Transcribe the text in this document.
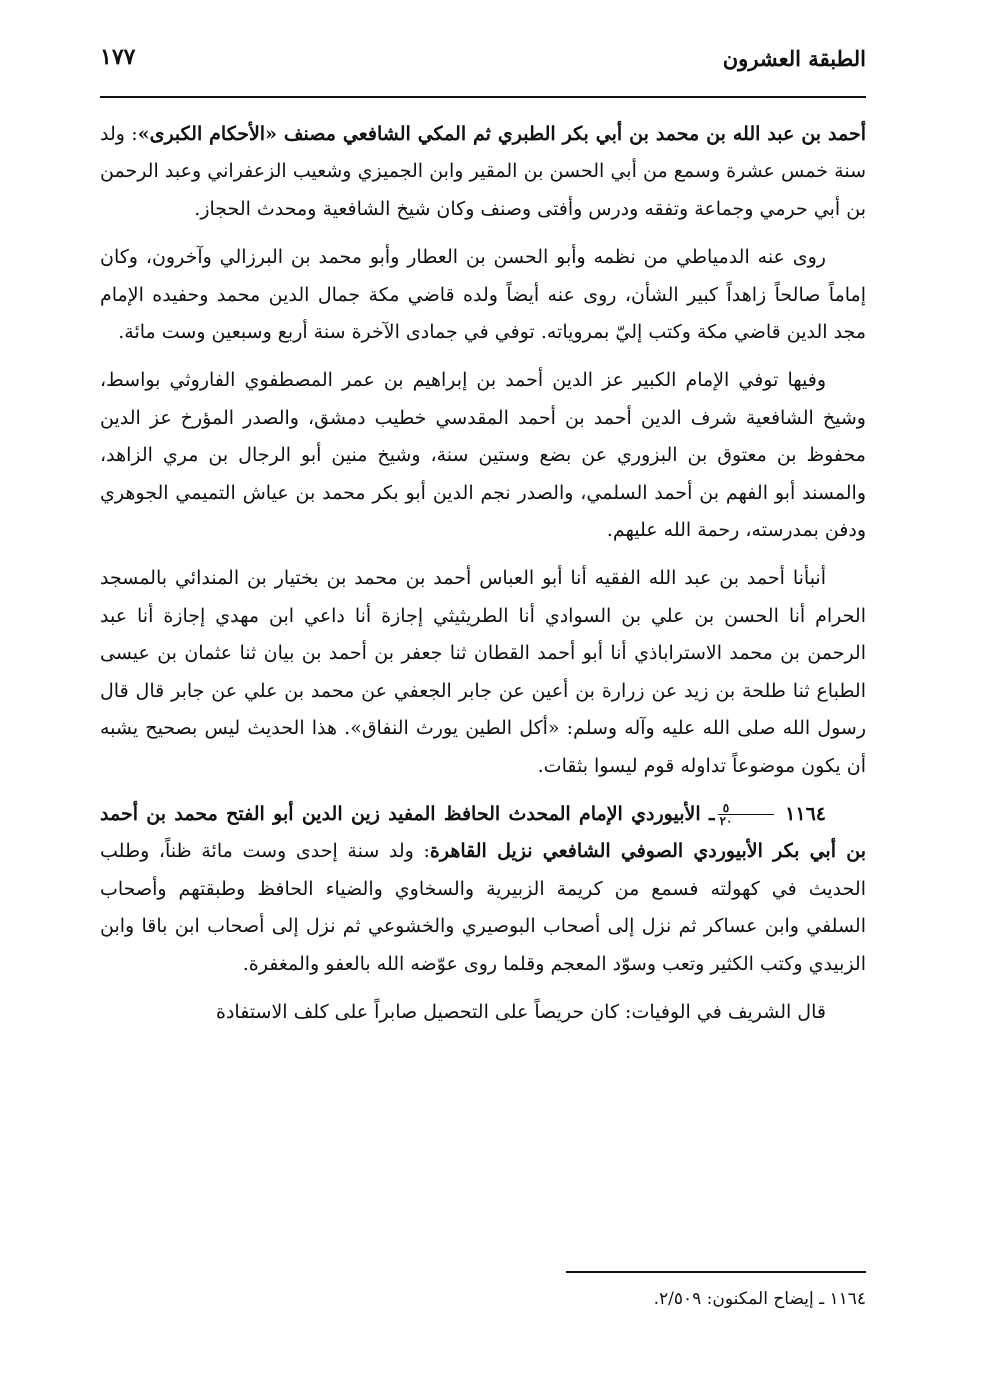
الطبقة العشرون
١٧٧

أحمد بن عبد الله بن محمد بن أبي بكر الطبري ثم المكي الشافعي مصنف «الأحكام الكبرى»: ولد سنة خمس عشرة وسمع من أبي الحسن بن المقير وابن الجميزي وشعيب الزعفراني وعبد الرحمن بن أبي حرمي وجماعة وتفقه ودرس وأفتى وصنف وكان شيخ الشافعية ومحدث الحجاز.

روى عنه الدمياطي من نظمه وأبو الحسن بن العطار وأبو محمد بن البرزالي وآخرون، وكان إماماً صالحاً زاهداً كبير الشأن، روى عنه أيضاً ولده قاضي مكة جمال الدين محمد وحفيده الإمام مجد الدين قاضي مكة وكتب إليّ بمروياته. توفي في جمادى الآخرة سنة أربع وسبعين وست مائة.

وفيها توفي الإمام الكبير عز الدين أحمد بن إبراهيم بن عمر المصطفوي الفاروثي بواسط، وشيخ الشافعية شرف الدين أحمد بن أحمد المقدسي خطيب دمشق، والصدر المؤرخ عز الدين محفوظ بن معتوق بن البزوري عن بضع وستين سنة، وشيخ منين أبو الرجال بن مري الزاهد، والمسند أبو الفهم بن أحمد السلمي، والصدر نجم الدين أبو بكر محمد بن عياش التميمي الجوهري ودفن بمدرسته، رحمة الله عليهم.

أنبأنا أحمد بن عبد الله الفقيه أنا أبو العباس أحمد بن محمد بن بختيار بن المندائي بالمسجد الحرام أنا الحسن بن علي بن السوادي أنا الطريثيثي إجازة أنا داعي ابن مهدي إجازة أنا عبد الرحمن بن محمد الاستراباذي أنا أبو أحمد القطان ثنا جعفر بن أحمد بن بيان ثنا عثمان بن عيسى الطباع ثنا طلحة بن زيد عن زرارة بن أعين عن جابر الجعفي عن محمد بن علي عن جابر قال قال رسول الله صلى الله عليه وآله وسلم: «أكل الطين يورث النفاق». هذا الحديث ليس بصحيح يشبه أن يكون موضوعاً تداوله قوم ليسوا بثقات.

١١٦٤
$\frac{٥}{٢٠}$
ـ الأبيوردي الإمام المحدث الحافظ المفيد زين الدين أبو الفتح محمد بن أحمد بن أبي بكر الأبيوردي الصوفي الشافعي نزيل القاهرة: ولد سنة إحدى وست مائة ظناً، وطلب الحديث في كهولته فسمع من كريمة الزبيرية والسخاوي والضياء الحافظ وطبقتهم وأصحاب السلفي وابن عساكر ثم نزل إلى أصحاب البوصيري والخشوعي ثم نزل إلى أصحاب ابن باقا وابن الزبيدي وكتب الكثير وتعب وسوّد المعجم وقلما روى عوّضه الله بالعفو والمغفرة.

قال الشريف في الوفيات: كان حريصاً على التحصيل صابراً على كلف الاستفادة

١١٦٤ ـ إيضاح المكنون: ٢/٥٠٩.
